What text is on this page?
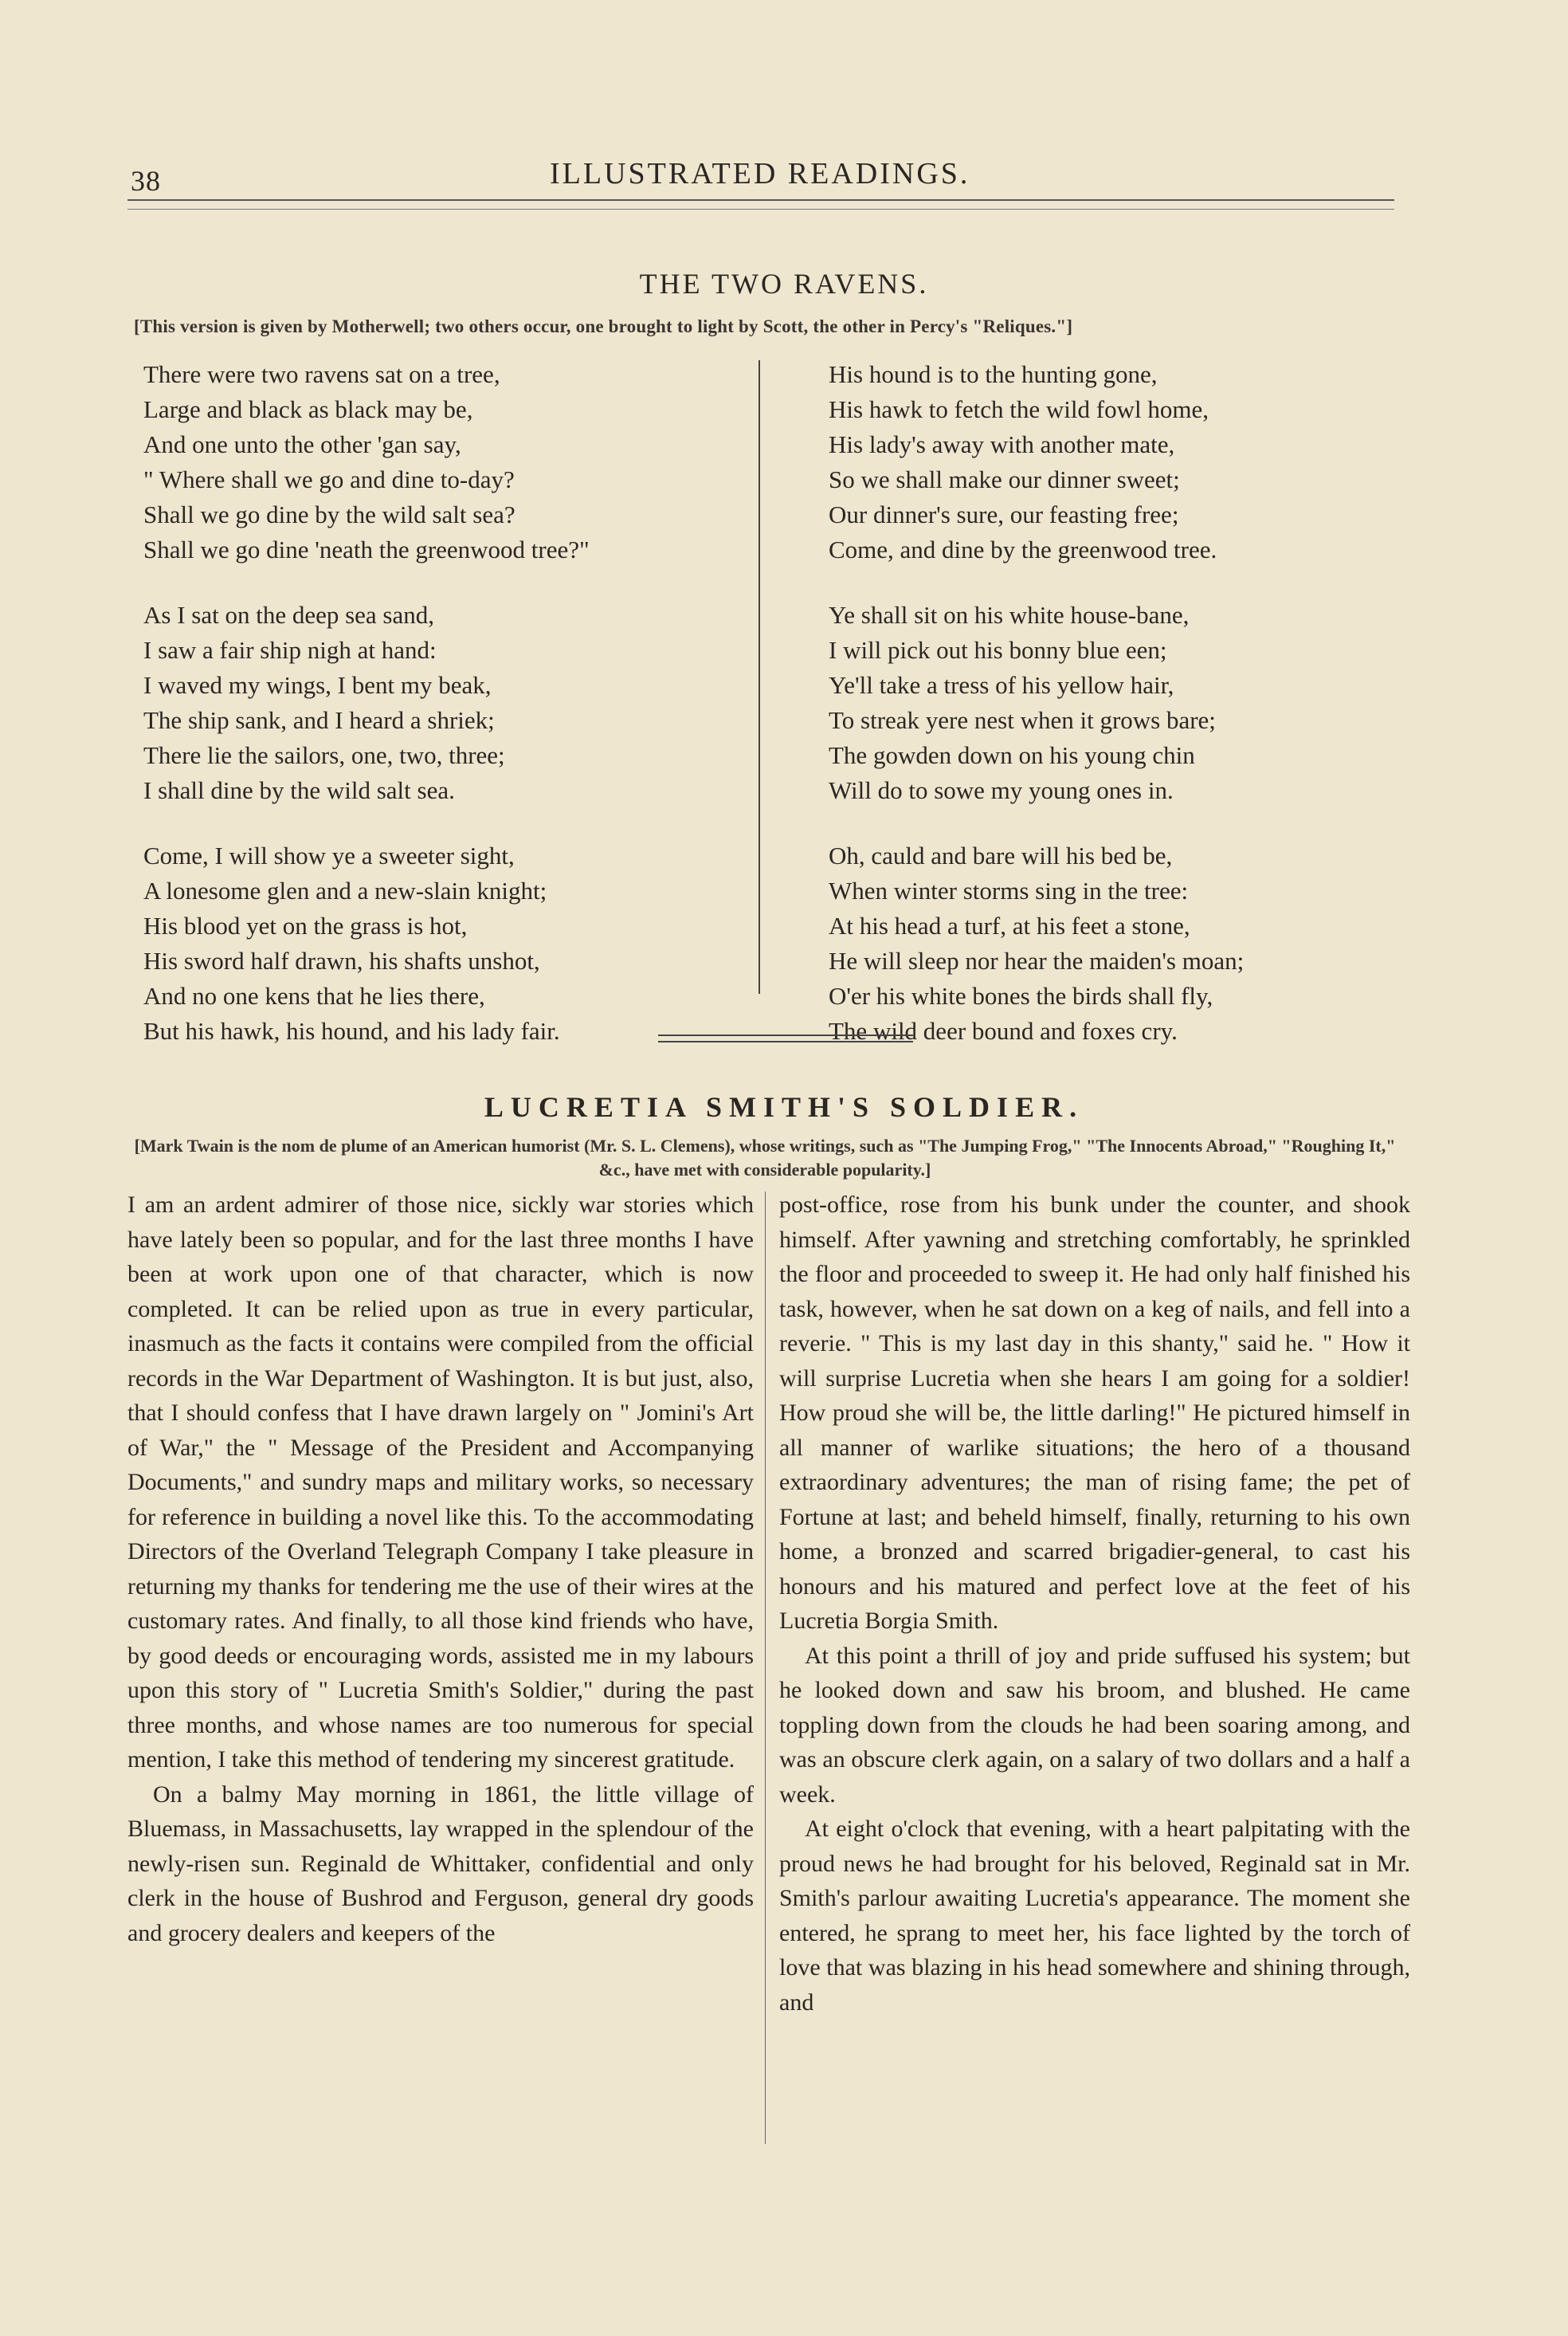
38	ILLUSTRATED READINGS.
THE TWO RAVENS.
[This version is given by Motherwell; two others occur, one brought to light by Scott, the other in Percy's "Reliques."]
There were two ravens sat on a tree,
Large and black as black may be,
And one unto the other 'gan say,
" Where shall we go and dine to-day?
Shall we go dine by the wild salt sea?
Shall we go dine 'neath the greenwood tree?"
As I sat on the deep sea sand,
I saw a fair ship nigh at hand:
I waved my wings, I bent my beak,
The ship sank, and I heard a shriek;
There lie the sailors, one, two, three;
I shall dine by the wild salt sea.
Come, I will show ye a sweeter sight,
A lonesome glen and a new-slain knight;
His blood yet on the grass is hot,
His sword half drawn, his shafts unshot,
And no one kens that he lies there,
But his hawk, his hound, and his lady fair.
His hound is to the hunting gone,
His hawk to fetch the wild fowl home,
His lady's away with another mate,
So we shall make our dinner sweet;
Our dinner's sure, our feasting free;
Come, and dine by the greenwood tree.
Ye shall sit on his white house-bane,
I will pick out his bonny blue een;
Ye'll take a tress of his yellow hair,
To streak yere nest when it grows bare;
The gowden down on his young chin
Will do to sowe my young ones in.
Oh, cauld and bare will his bed be,
When winter storms sing in the tree:
At his head a turf, at his feet a stone,
He will sleep nor hear the maiden's moan;
O'er his white bones the birds shall fly,
The wild deer bound and foxes cry.
LUCRETIA SMITH'S SOLDIER.
[Mark Twain is the nom de plume of an American humorist (Mr. S. L. Clemens), whose writings, such as "The Jumping Frog," "The Innocents Abroad," "Roughing It," &c., have met with considerable popularity.]

I am an ardent admirer of those nice, sickly war stories which have lately been so popular, and for the last three months I have been at work upon one of that character, which is now completed. It can be relied upon as true in every particular, inasmuch as the facts it contains were compiled from the official records in the War Department of Washington. It is but just, also, that I should confess that I have drawn largely on " Jomini's Art of War," the " Message of the President and Accompanying Documents," and sundry maps and military works, so necessary for reference in building a novel like this. To the accommodating Directors of the Overland Telegraph Company I take pleasure in returning my thanks for tendering me the use of their wires at the customary rates. And finally, to all those kind friends who have, by good deeds or encouraging words, assisted me in my labours upon this story of " Lucretia Smith's Soldier," during the past three months, and whose names are too numerous for special mention, I take this method of tendering my sincerest gratitude.

On a balmy May morning in 1861, the little village of Bluemass, in Massachusetts, lay wrapped in the splendour of the newly-risen sun. Reginald de Whittaker, confidential and only clerk in the house of Bushrod and Ferguson, general dry goods and grocery dealers and keepers of the

post-office, rose from his bunk under the counter, and shook himself. After yawning and stretching comfortably, he sprinkled the floor and proceeded to sweep it. He had only half finished his task, however, when he sat down on a keg of nails, and fell into a reverie. " This is my last day in this shanty," said he. " How it will surprise Lucretia when she hears I am going for a soldier! How proud she will be, the little darling!" He pictured himself in all manner of warlike situations; the hero of a thousand extraordinary adventures; the man of rising fame; the pet of Fortune at last; and beheld himself, finally, returning to his own home, a bronzed and scarred brigadier-general, to cast his honours and his matured and perfect love at the feet of his Lucretia Borgia Smith.

At this point a thrill of joy and pride suffused his system; but he looked down and saw his broom, and blushed. He came toppling down from the clouds he had been soaring among, and was an obscure clerk again, on a salary of two dollars and a half a week.

At eight o'clock that evening, with a heart palpitating with the proud news he had brought for his beloved, Reginald sat in Mr. Smith's parlour awaiting Lucretia's appearance. The moment she entered, he sprang to meet her, his face lighted by the torch of love that was blazing in his head somewhere and shining through, and
